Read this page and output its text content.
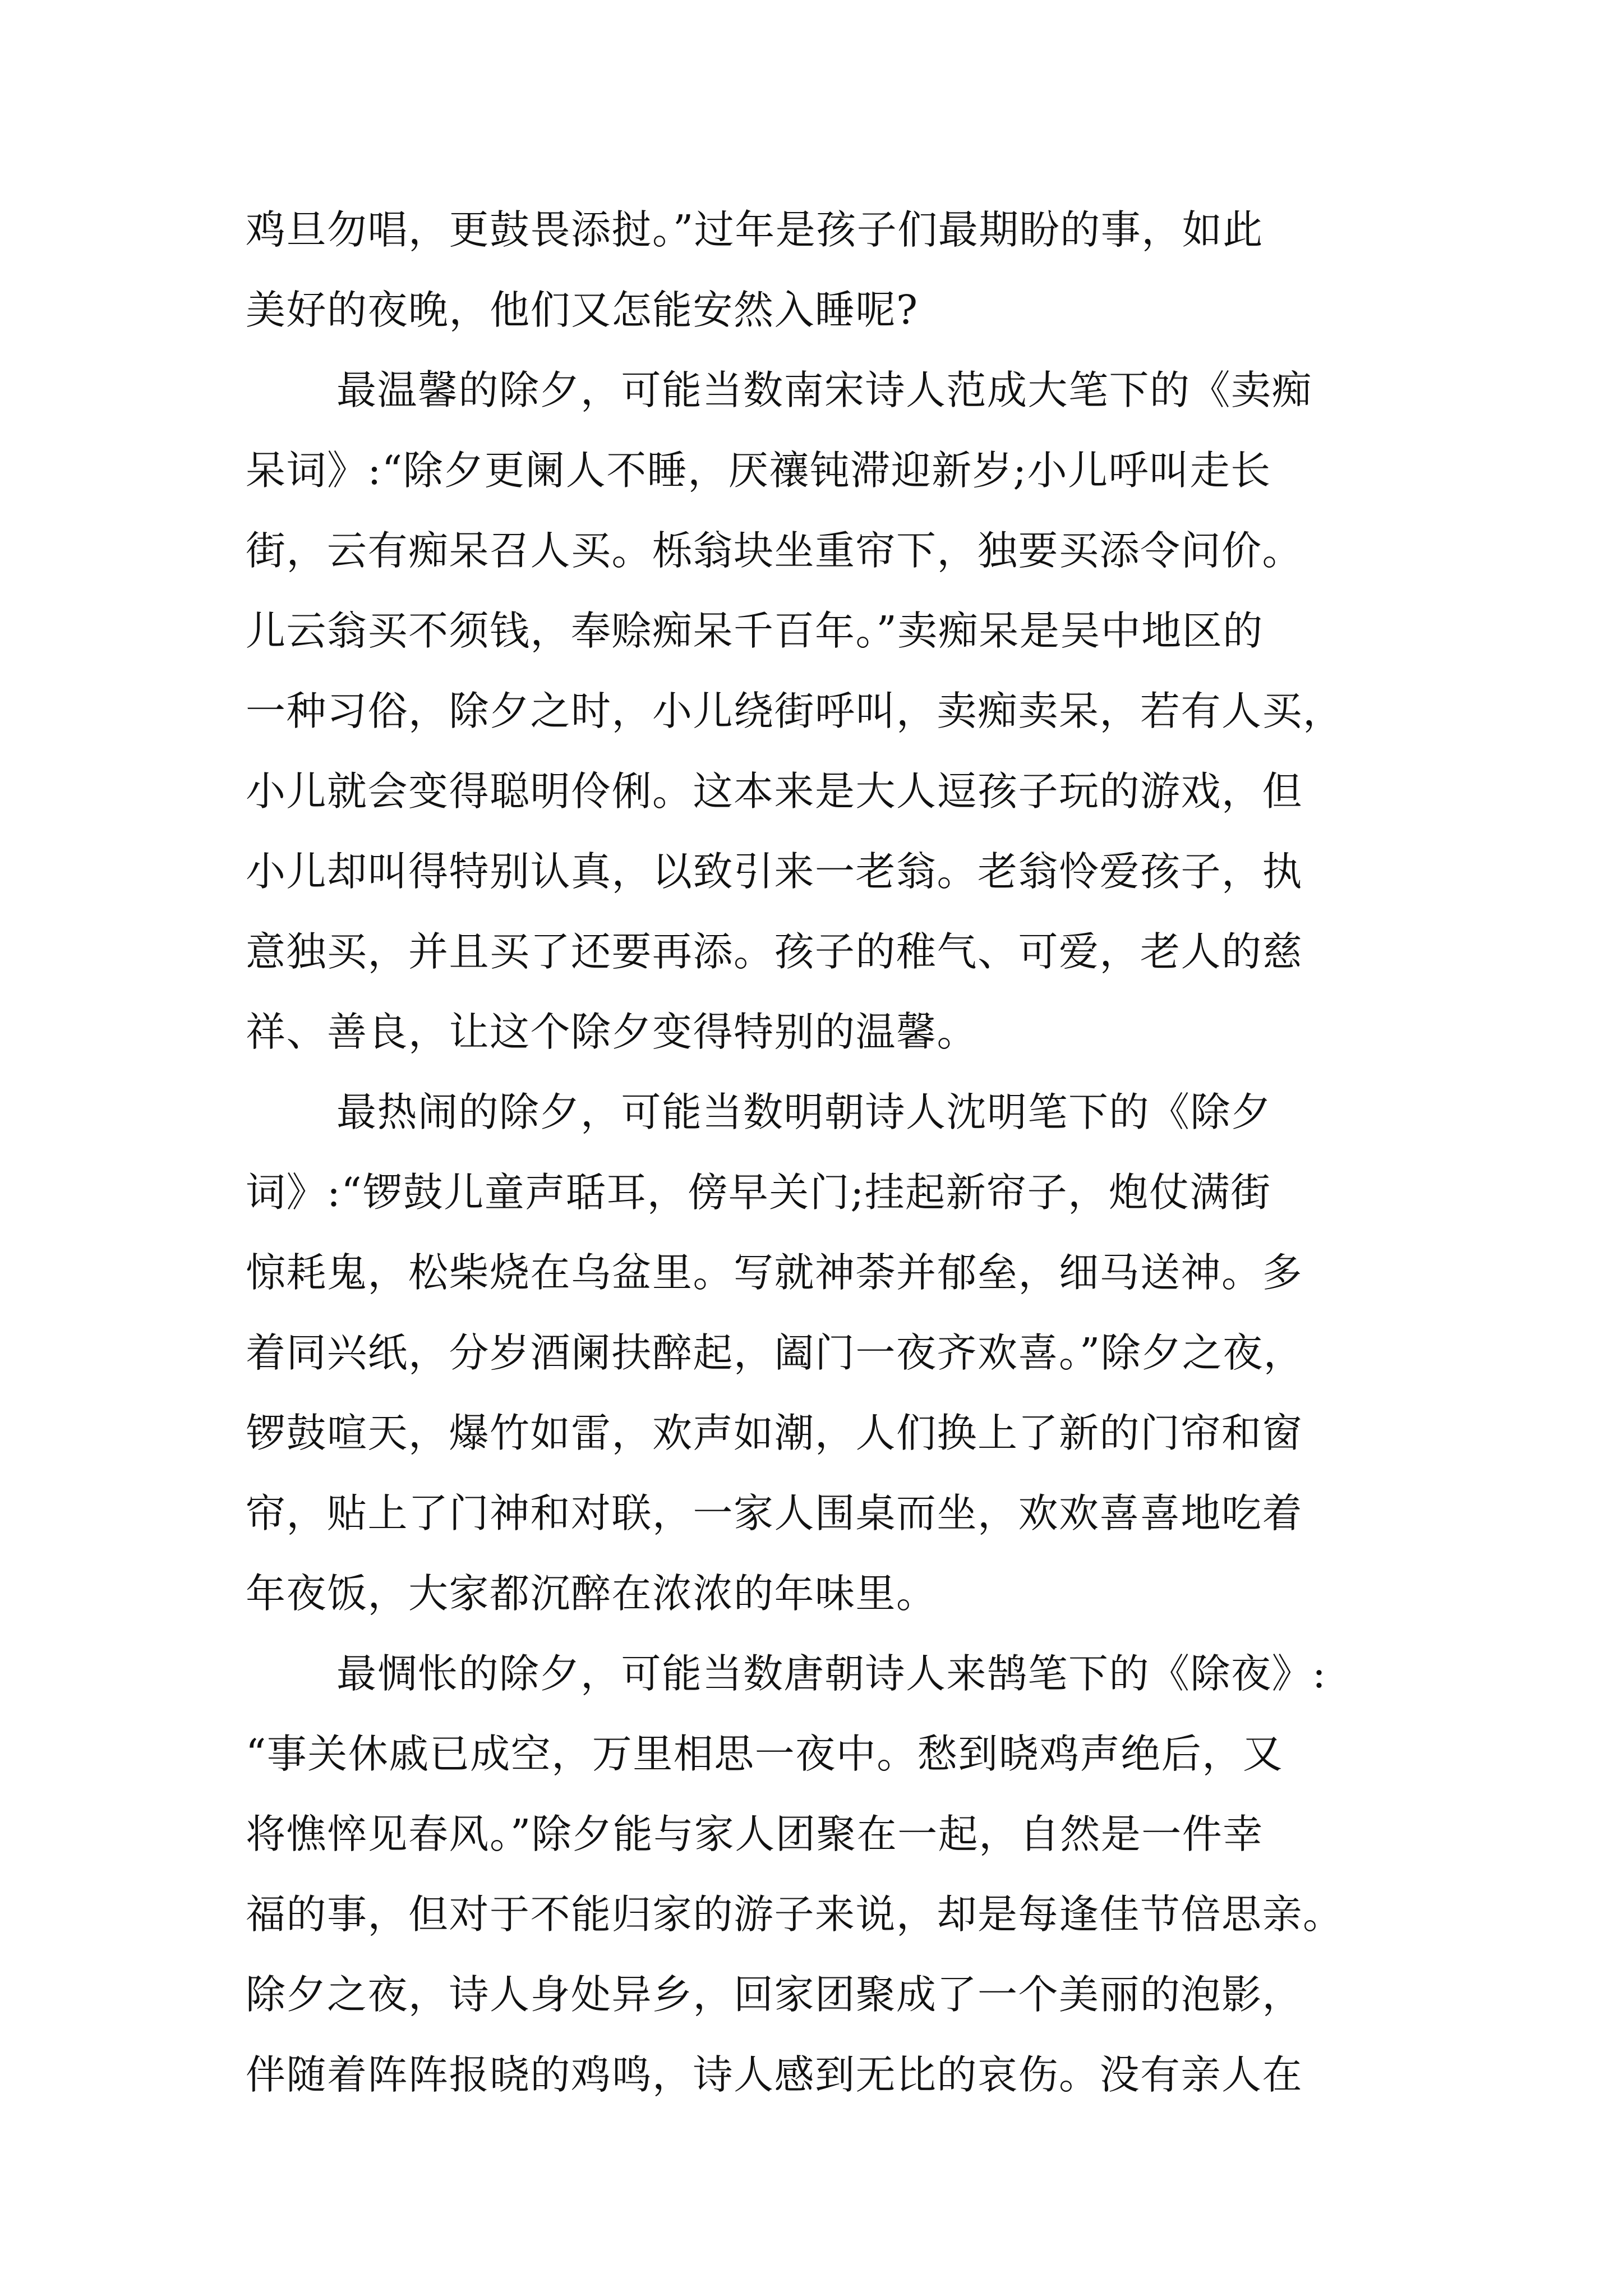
鸡旦勿唱，更鼓畏添挝。”过年是孩子们最期盼的事，如此
美好的夜晚，他们又怎能安然入睡呢?
最温馨的除夕，可能当数南宋诗人范成大笔下的《卖痴
呆词》:“除夕更阑人不睡，厌禳钝滞迎新岁;小儿呼叫走长
街，云有痴呆召人买。栎翁块坐重帘下，独要买添令问价。
儿云翁买不须钱，奉赊痴呆千百年。”卖痴呆是吴中地区的
一种习俗，除夕之时，小儿绕街呼叫，卖痴卖呆，若有人买，
小儿就会变得聪明伶俐。这本来是大人逗孩子玩的游戏，但
小儿却叫得特别认真，以致引来一老翁。老翁怜爱孩子，执
意独买，并且买了还要再添。孩子的稚气、可爱，老人的慈
祥、善良，让这个除夕变得特别的温馨。
最热闹的除夕，可能当数明朝诗人沈明笔下的《除夕
词》:“锣鼓儿童声聒耳，傍早关门;挂起新帘子，炮仗满街
惊耗鬼，松柴烧在乌盆里。写就神荼并郁垒，细马送神。多
着同兴纸，分岁酒阑扶醉起，阖门一夜齐欢喜。”除夕之夜，
锣鼓喧天，爆竹如雷，欢声如潮，人们换上了新的门帘和窗
帘，贴上了门神和对联，一家人围桌而坐，欢欢喜喜地吃着
年夜饭，大家都沉醉在浓浓的年味里。
最惆怅的除夕，可能当数唐朝诗人来鹄笔下的《除夜》:
“事关休戚已成空，万里相思一夜中。愁到晓鸡声绝后，又
将憔悴见春风。”除夕能与家人团聚在一起，自然是一件幸
福的事，但对于不能归家的游子来说，却是每逢佳节倍思亲。
除夕之夜，诗人身处异乡，回家团聚成了一个美丽的泡影，
伴随着阵阵报晓的鸡鸣，诗人感到无比的哀伤。没有亲人在
